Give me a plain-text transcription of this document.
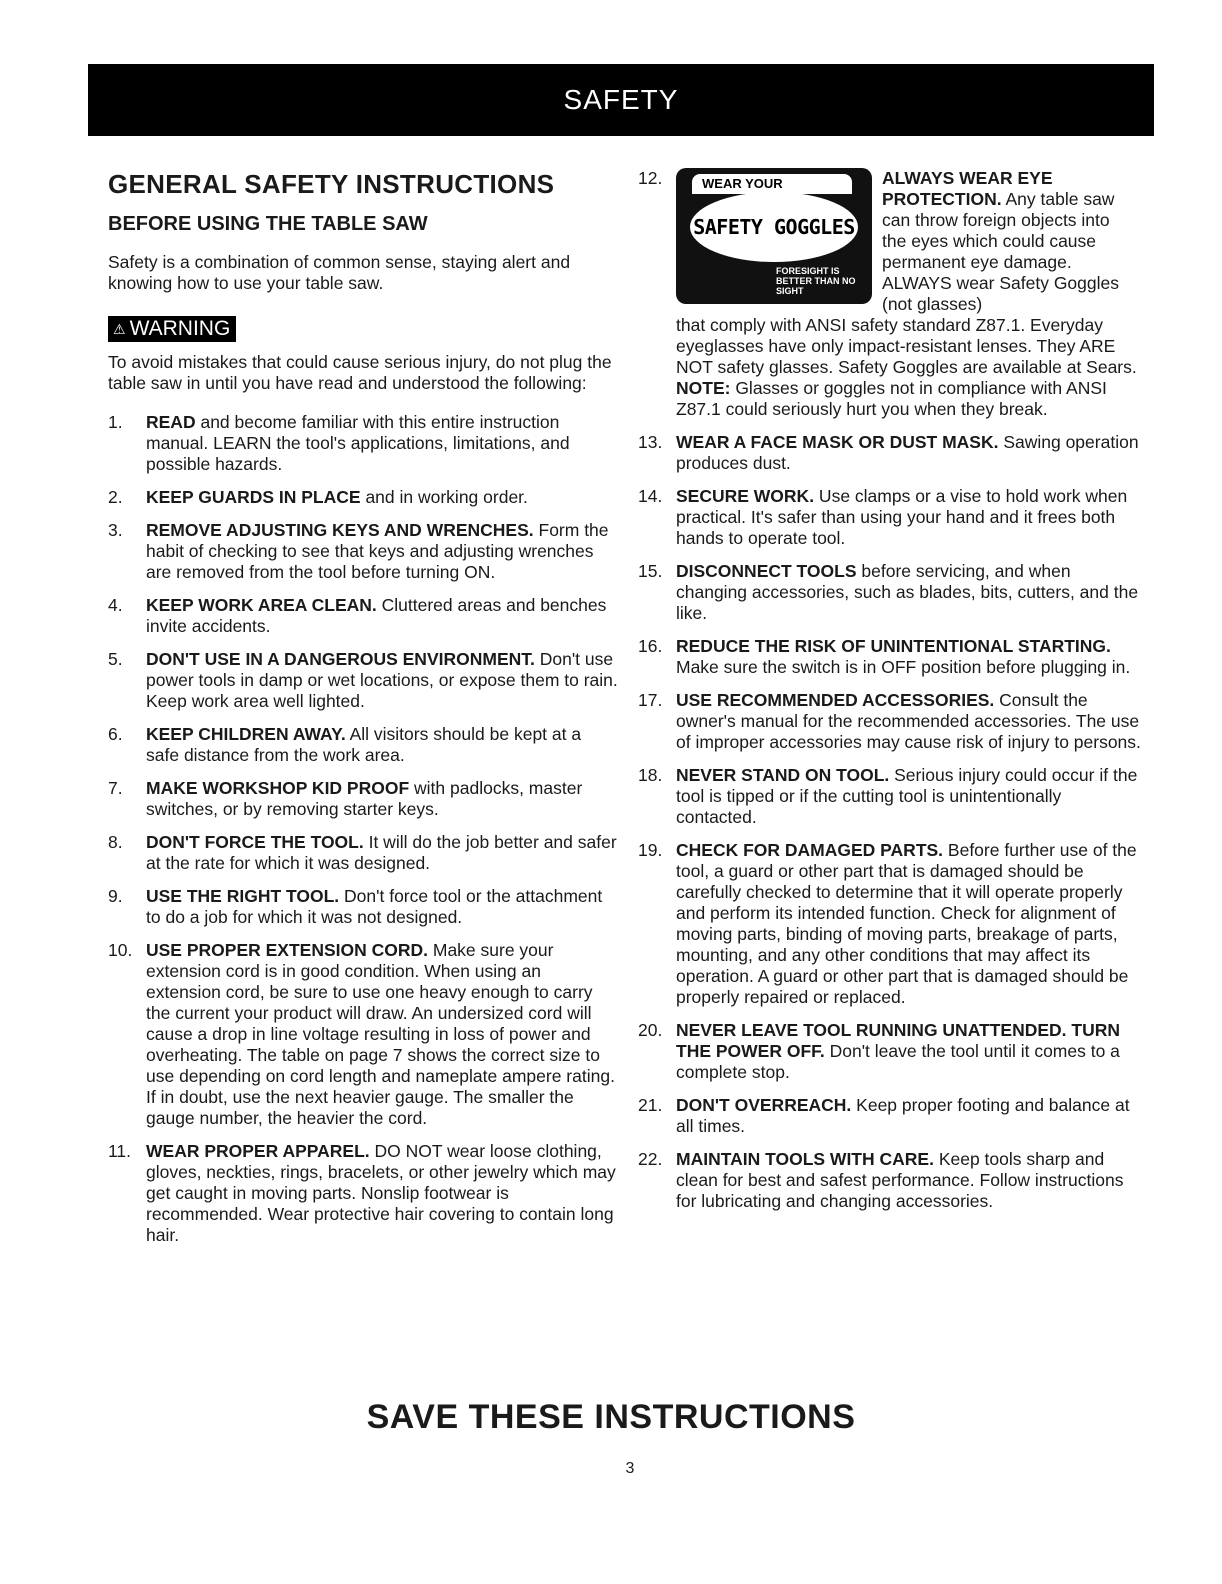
SAFETY
GENERAL SAFETY INSTRUCTIONS
BEFORE USING THE TABLE SAW

Safety is a combination of common sense, staying alert and knowing how to use your table saw.

⚠ WARNING

To avoid mistakes that could cause serious injury, do not plug the table saw in until you have read and understood the following:

1.	READ and become familiar with this entire instruction manual. LEARN the tool's applications, limitations, and possible hazards.
2.	KEEP GUARDS IN PLACE and in working order.
3.	REMOVE ADJUSTING KEYS AND WRENCHES. Form the habit of checking to see that keys and adjusting wrenches are removed from the tool before turning ON.
4.	KEEP WORK AREA CLEAN. Cluttered areas and benches invite accidents.
5.	DON'T USE IN A DANGEROUS ENVIRONMENT. Don't use power tools in damp or wet locations, or expose them to rain. Keep work area well lighted.
6.	KEEP CHILDREN AWAY. All visitors should be kept at a safe distance from the work area.
7.	MAKE WORKSHOP KID PROOF with padlocks, master switches, or by removing starter keys.
8.	DON'T FORCE THE TOOL. It will do the job better and safer at the rate for which it was designed.
9.	USE THE RIGHT TOOL. Don't force tool or the attachment to do a job for which it was not designed.
10. USE PROPER EXTENSION CORD. Make sure your extension cord is in good condition. When using an extension cord, be sure to use one heavy enough to carry the current your product will draw. An undersized cord will cause a drop in line voltage resulting in loss of power and overheating. The table on page 7 shows the correct size to use depending on cord length and nameplate ampere rating. If in doubt, use the next heavier gauge. The smaller the gauge number, the heavier the cord.
11. WEAR PROPER APPAREL. DO NOT wear loose clothing, gloves, neckties, rings, bracelets, or other jewelry which may get caught in moving parts. Nonslip footwear is recommended. Wear protective hair covering to contain long hair.
12.	WEAR YOUR
SAFETY GOGGLES
FORESIGHT IS BETTER THAN NO SIGHT

ALWAYS WEAR EYE PROTECTION. Any table saw can throw foreign objects into the eyes which could cause permanent eye damage. ALWAYS wear Safety Goggles (not glasses)

that comply with ANSI safety standard Z87.1. Everyday eyeglasses have only impact-resistant lenses. They ARE NOT safety glasses. Safety Goggles are available at Sears. NOTE: Glasses or goggles not in compliance with ANSI Z87.1 could seriously hurt you when they break.

13. WEAR A FACE MASK OR DUST MASK. Sawing operation produces dust.
14. SECURE WORK. Use clamps or a vise to hold work when practical. It's safer than using your hand and it frees both hands to operate tool.
15. DISCONNECT TOOLS before servicing, and when changing accessories, such as blades, bits, cutters, and the like.
16. REDUCE THE RISK OF UNINTENTIONAL STARTING. Make sure the switch is in OFF position before plugging in.
17. USE RECOMMENDED ACCESSORIES. Consult the owner's manual for the recommended accessories. The use of improper accessories may cause risk of injury to persons.
18. NEVER STAND ON TOOL. Serious injury could occur if the tool is tipped or if the cutting tool is unintentionally contacted.
19. CHECK FOR DAMAGED PARTS. Before further use of the tool, a guard or other part that is damaged should be carefully checked to determine that it will operate properly and perform its intended function. Check for alignment of moving parts, binding of moving parts, breakage of parts, mounting, and any other conditions that may affect its operation. A guard or other part that is damaged should be properly repaired or replaced.
20. NEVER LEAVE TOOL RUNNING UNATTENDED. TURN THE POWER OFF. Don't leave the tool until it comes to a complete stop.
21. DON'T OVERREACH. Keep proper footing and balance at all times.
22. MAINTAIN TOOLS WITH CARE. Keep tools sharp and clean for best and safest performance. Follow instructions for lubricating and changing accessories.
SAVE THESE INSTRUCTIONS
3
